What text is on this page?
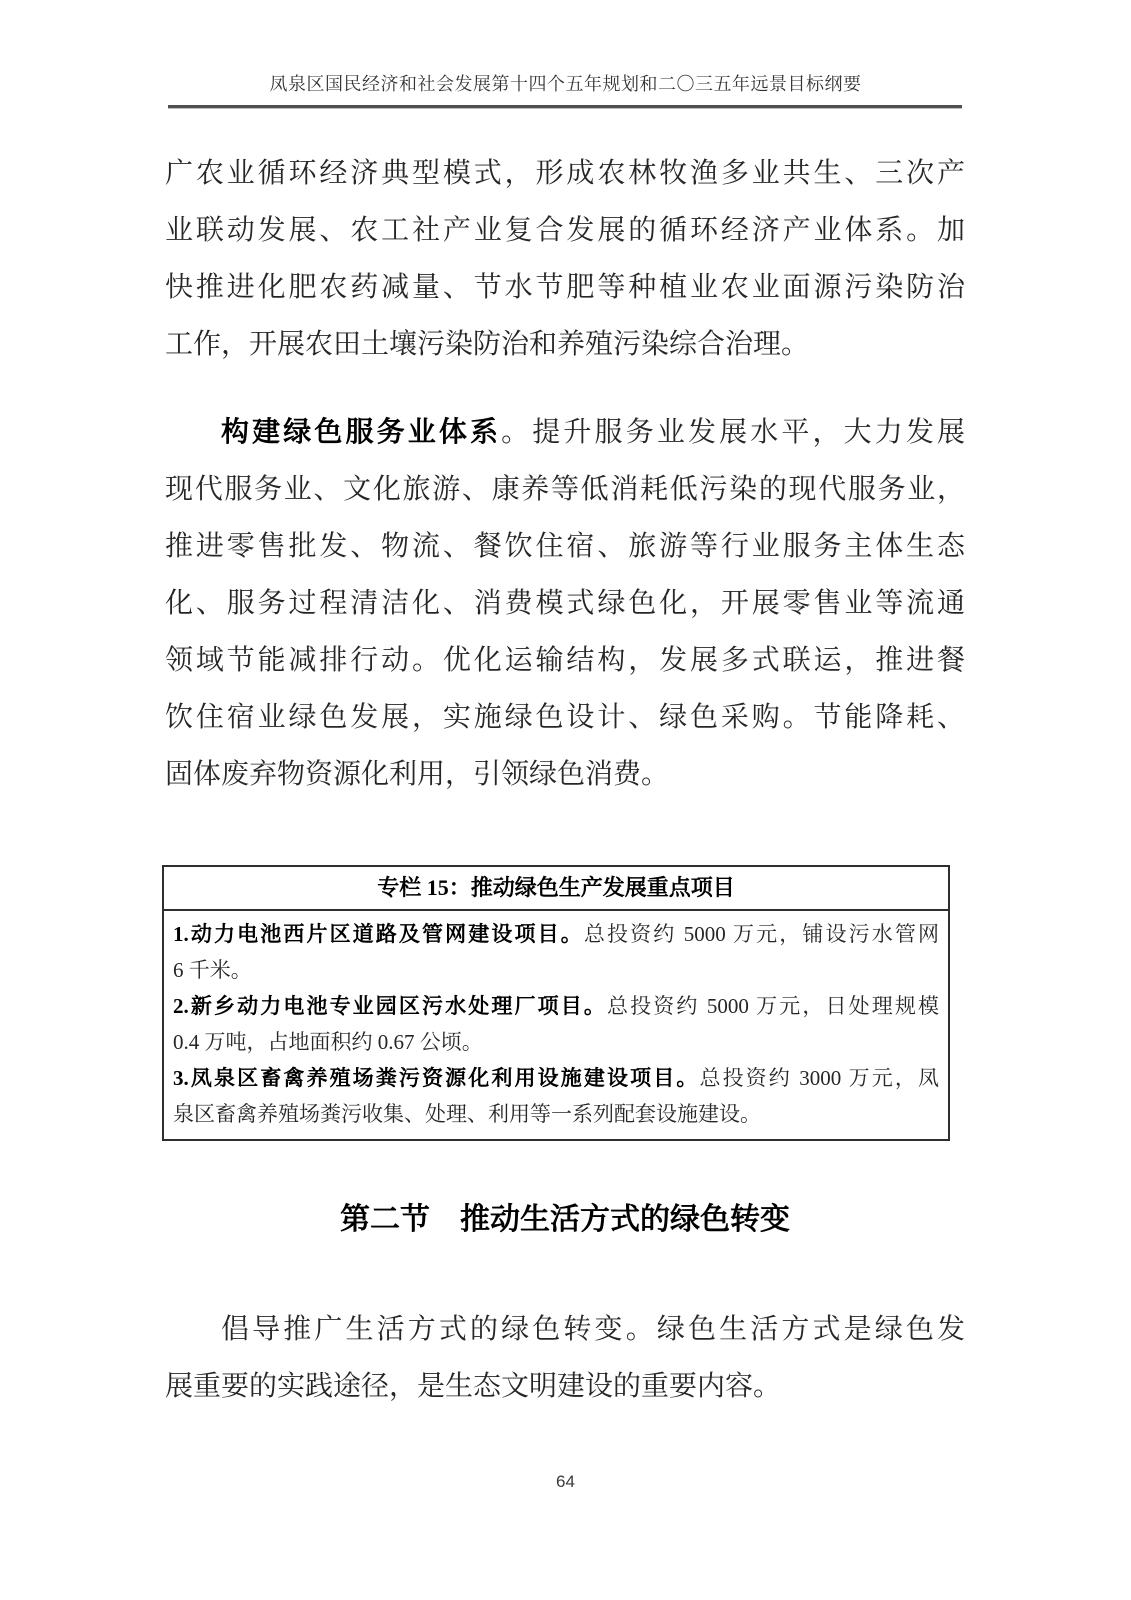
凤泉区国民经济和社会发展第十四个五年规划和二〇三五年远景目标纲要
广农业循环经济典型模式，形成农林牧渔多业共生、三次产
业联动发展、农工社产业复合发展的循环经济产业体系。加
快推进化肥农药减量、节水节肥等种植业农业面源污染防治
工作，开展农田土壤污染防治和养殖污染综合治理。
构建绿色服务业体系。提升服务业发展水平，大力发展
现代服务业、文化旅游、康养等低消耗低污染的现代服务业，
推进零售批发、物流、餐饮住宿、旅游等行业服务主体生态
化、服务过程清洁化、消费模式绿色化，开展零售业等流通
领域节能减排行动。优化运输结构，发展多式联运，推进餐
饮住宿业绿色发展，实施绿色设计、绿色采购。节能降耗、
固体废弃物资源化利用，引领绿色消费。
专栏 15：推动绿色生产发展重点项目
1.动力电池西片区道路及管网建设项目。总投资约 5000 万元，铺设污水管网
6 千米。
2.新乡动力电池专业园区污水处理厂项目。总投资约 5000 万元，日处理规模
0.4 万吨，占地面积约 0.67 公顷。
3.凤泉区畜禽养殖场粪污资源化利用设施建设项目。总投资约 3000 万元，凤
泉区畜禽养殖场粪污收集、处理、利用等一系列配套设施建设。
第二节　推动生活方式的绿色转变
倡导推广生活方式的绿色转变。绿色生活方式是绿色发
展重要的实践途径，是生态文明建设的重要内容。
64
